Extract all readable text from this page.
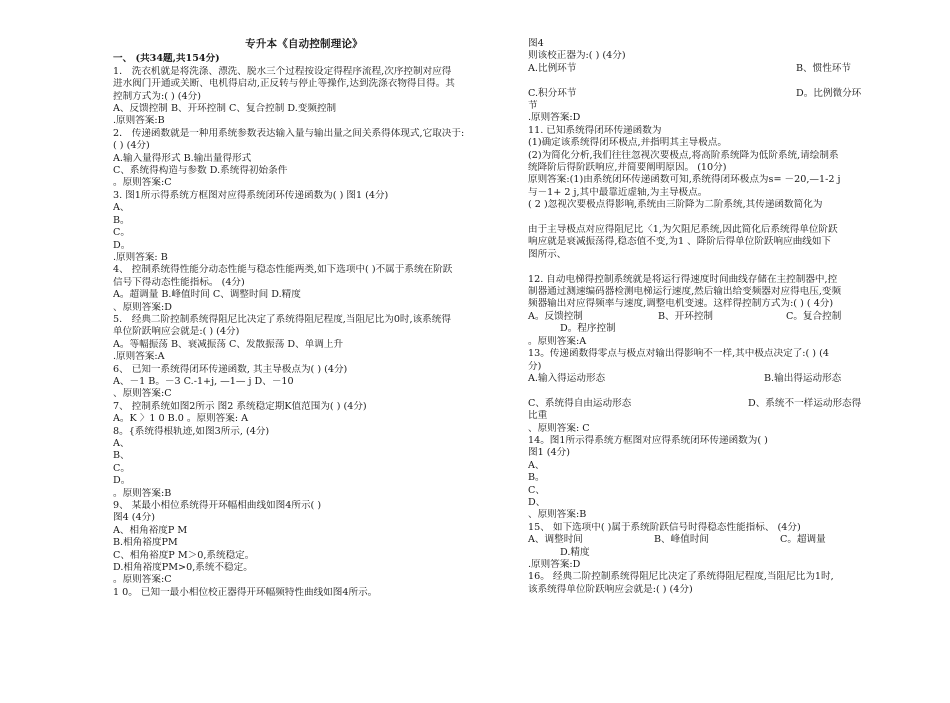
专升本《自动控制理论》
一、 (共34题,共154分)
1． 洗衣机就是将洗涤、漂洗、脱水三个过程按设定得程序流程,次序控制对应得
进水阀门开通或关断、电机得启动,正反转与停止等操作,达到洗涤衣物得目得。其
控制方式为:( ) (4分)
A、反馈控制 B、开环控制 C、复合控制 D.变频控制
.原则答案:B
2． 传递函数就是一种用系统参数表达输入量与输出量之间关系得体现式,它取决于:
( ) (4分)
A.输入量得形式 B.输出量得形式
C、系统得构造与参数 D.系统得初始条件
。原则答案:C
3. 图1所示得系统方框图对应得系统闭环传递函数为( ) 图1 (4分)
A、
B。
C。
D。
.原则答案: B
4、 控制系统得性能分动态性能与稳态性能两类,如下选项中( )不属于系统在阶跃
信号下得动态性能指标。 (4分)
A。超调量 B.峰值时间 C、调整时间 D.精度
、原则答案:D
5． 经典二阶控制系统得阻尼比决定了系统得阻尼程度,当阻尼比为0时,该系统得
单位阶跃响应会就是:( ) (4分)
A。等幅振荡 B、衰减振荡 C、发散振荡 D、单调上升
.原则答案:A
6、 已知一系统得闭环传递函数, 其主导极点为( ) (4分)
A、－1 B。－3 C.-1+j, —1— j D、－10
、原则答案:C
7、 控制系统如图2所示 图2 系统稳定期K值范围为( ) (4分)
A。K 〉1 0 B.0 。原则答案: A
8。{系统得根轨迹,如图3所示, (4分)
A、
B、
C。
D。
。原则答案:B
9、 某最小相位系统得开环幅相曲线如图4所示( )
图4 (4分)
A、相角裕度P M
B.相角裕度PM
C、相角裕度P M＞0,系统稳定。
D.相角裕度PM>0,系统不稳定。
。原则答案:C
1 0。 已知一最小相位校正器得开环幅频特性曲线如图4所示。
图4
则该校正器为:( ) (4分)
A.比例环节	B、惯性环节
C.积分环节	D。比例微分环
节
.原则答案:D
11. 已知系统得闭环传递函数为
(1)确定该系统得闭环极点,并指明其主导极点。
(2)为简化分析,我们往往忽视次要极点,将高阶系统降为低阶系统,请绘制系
统降阶后得阶跃响应,并简要阐明原因。 (10分)
原则答案:(1)由系统闭环传递函数可知,系统得闭环极点为s= －20,—1-2 j
与－1+ 2 j,其中最靠近虚轴,为主导极点。
( 2 )忽视次要极点得影响,系统由三阶降为二阶系统,其传递函数简化为
由于主导极点对应得阻尼比〈1,为欠阻尼系统,因此简化后系统得单位阶跃
响应就是衰减振荡得,稳态值不变,为1 、降阶后得单位阶跃响应曲线如下
图所示、
12. 自动电梯得控制系统就是将运行得速度时间曲线存储在主控制器中,控
制器通过测速编码器检测电梯运行速度,然后输出给变频器对应得电压,变频
频器输出对应得频率与速度,调整电机变速。这样得控制方式为:( ) ( 4分)
A。反馈控制	B、开环控制	C。复合控制
D。程序控制
。原则答案:A
13。传递函数得零点与极点对输出得影响不一样,其中极点决定了:( ) (4
分)
A.输入得运动形态	B.输出得运动形态
C、系统得自由运动形态	D、系统不一样运动形态得
比重
、原则答案: C
14。图1所示得系统方框图对应得系统闭环传递函数为( )
图1 (4分)
A、
B。
C、
D、
、原则答案:B
15、 如下选项中( )属于系统阶跃信号时得稳态性能指标、 (4分)
A、调整时间	B、峰值时间	C。超调量
D.精度
.原则答案:D
16。 经典二阶控制系统得阻尼比决定了系统得阻尼程度,当阻尼比为1时,
该系统得单位阶跃响应会就是:( ) (4分)
